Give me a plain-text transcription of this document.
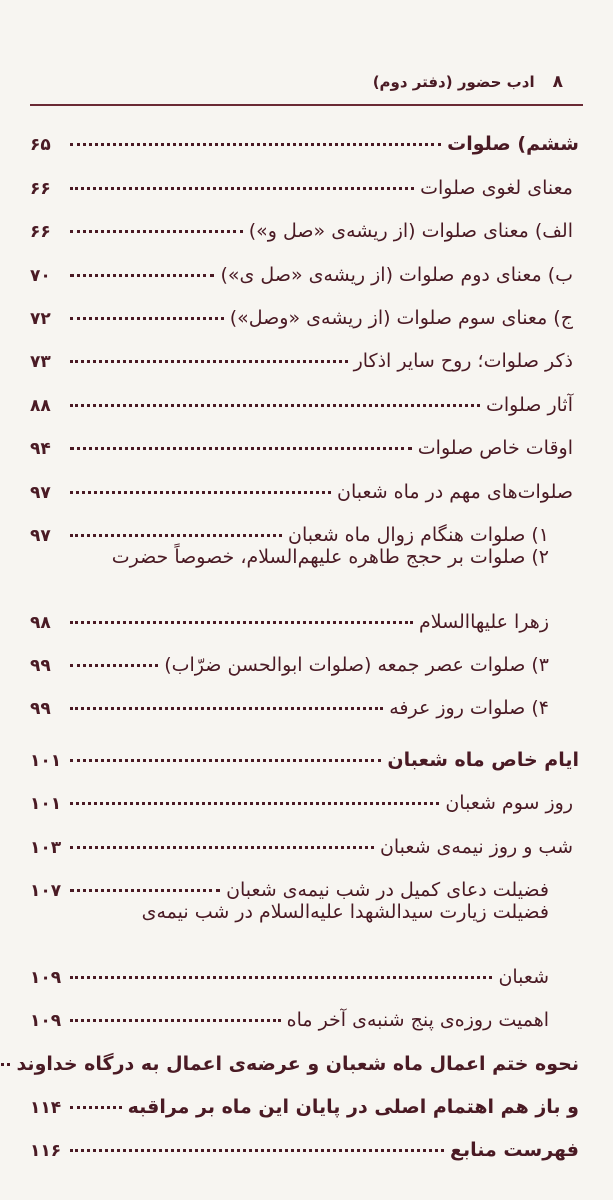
۸
ادب حضور (دفتر دوم)
ششم) صلوات
۶۵
معنای لغوی صلوات
۶۶
الف) معنای صلوات (از ریشه‌ی «صل و»)
۶۶
ب) معنای دوم صلوات (از ریشه‌ی «صل ی»)
۷۰
ج) معنای سوم صلوات (از ریشه‌ی «وصل»)
۷۲
ذکر صلوات؛ روح سایر اذکار
۷۳
آثار صلوات
۸۸
اوقات خاص صلوات
۹۴
صلوات‌های مهم در ماه شعبان
۹۷
۱) صلوات هنگام زوال ماه شعبان
۹۷
۲) صلوات بر حجج طاهره علیهم‌السلام، خصوصاً حضرت
زهرا علیهاالسلام
۹۸
۳) صلوات عصر جمعه (صلوات ابوالحسن ضرّاب)
۹۹
۴) صلوات روز عرفه
۹۹
ایام خاص ماه شعبان
۱۰۱
روز سوم شعبان
۱۰۱
شب و روز نیمه‌ی شعبان
۱۰۳
فضیلت دعای کمیل در شب نیمه‌ی شعبان
۱۰۷
فضیلت زیارت سیدالشهدا علیه‌السلام در شب نیمه‌ی
شعبان
۱۰۹
اهمیت روزه‌ی پنج شنبه‌ی آخر ماه
۱۰۹
نحوه ختم اعمال ماه شعبان و عرضه‌ی اعمال به درگاه خداوند
و باز هم اهتمام اصلی در پایان این ماه بر مراقبه
۱۱۴
فهرست منابع
۱۱۶
